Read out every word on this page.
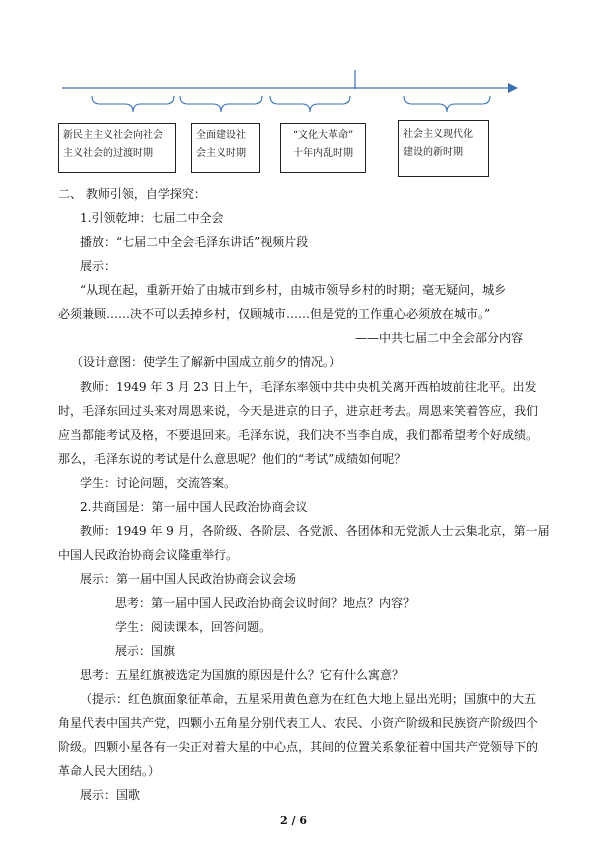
新民主主义社会向社会
主义社会的过渡时期
全面建设社
会主义时期
“文化大革命”
十年内乱时期
社会主义现代化
建设的新时期
二、 教师引领，自学探究：
1.引领乾坤：七届二中全会
播放：“七届二中全会毛泽东讲话”视频片段
展示：
“从现在起，重新开始了由城市到乡村，由城市领导乡村的时期；毫无疑问，城乡
必须兼顾……决不可以丢掉乡村，仅顾城市……但是党的工作重心必须放在城市。”
——中共七届二中全会部分内容
（设计意图：使学生了解新中国成立前夕的情况。）
教师：1949 年 3 月 23 日上午，毛泽东率领中共中央机关离开西柏坡前往北平。出发
时，毛泽东回过头来对周恩来说，今天是进京的日子，进京赶考去。周恩来笑着答应，我们
应当都能考试及格，不要退回来。毛泽东说，我们决不当李自成，我们都希望考个好成绩。
那么，毛泽东说的考试是什么意思呢？他们的“考试”成绩如何呢？
学生：讨论问题，交流答案。
2.共商国是：第一届中国人民政治协商会议
教师：1949 年 9 月，各阶级、各阶层、各党派、各团体和无党派人士云集北京，第一届
中国人民政治协商会议隆重举行。
展示：第一届中国人民政治协商会议会场
思考：第一届中国人民政治协商会议时间？地点？内容？
学生：阅读课本，回答问题。
展示：国旗
思考：五星红旗被选定为国旗的原因是什么？它有什么寓意？
（提示：红色旗面象征革命，五星采用黄色意为在红色大地上显出光明；国旗中的大五
角星代表中国共产党，四颗小五角星分别代表工人、农民、小资产阶级和民族资产阶级四个
阶级。四颗小星各有一尖正对着大星的中心点，其间的位置关系象征着中国共产党领导下的
革命人民大团结。）
展示：国歌
2 / 6
